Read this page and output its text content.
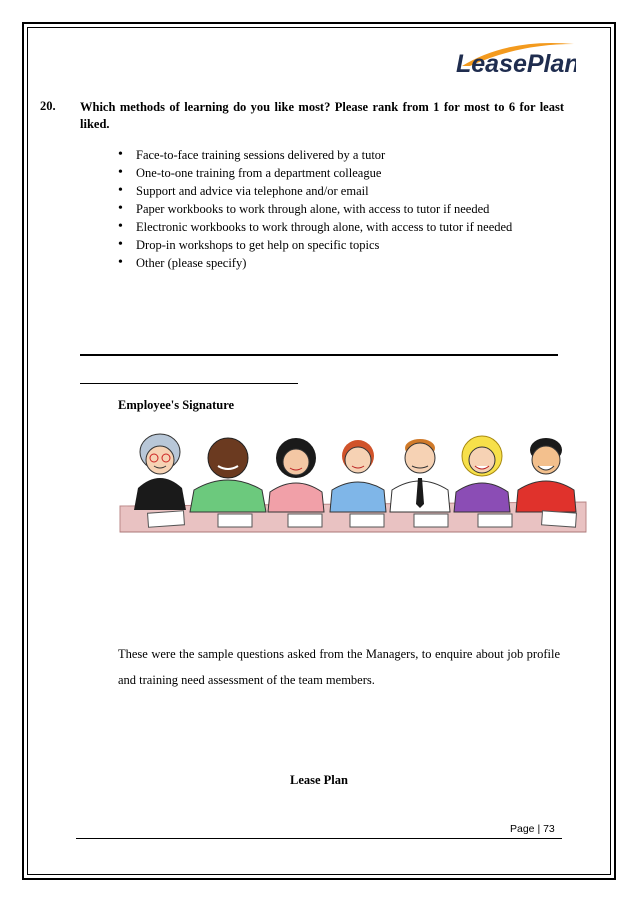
LeasePlan
20. Which methods of learning do you like most? Please rank from 1 for most to 6 for least liked.
• Face-to-face training sessions delivered by a tutor
• One-to-one training from a department colleague
• Support and advice via telephone and/or email
• Paper workbooks to work through alone, with access to tutor if needed
• Electronic workbooks to work through alone, with access to tutor if needed
• Drop-in workshops to get help on specific topics
• Other (please specify)
Employee's Signature
These were the sample questions asked from the Managers, to enquire about job profile and training need assessment of the team members.
Lease Plan
Page | 73
